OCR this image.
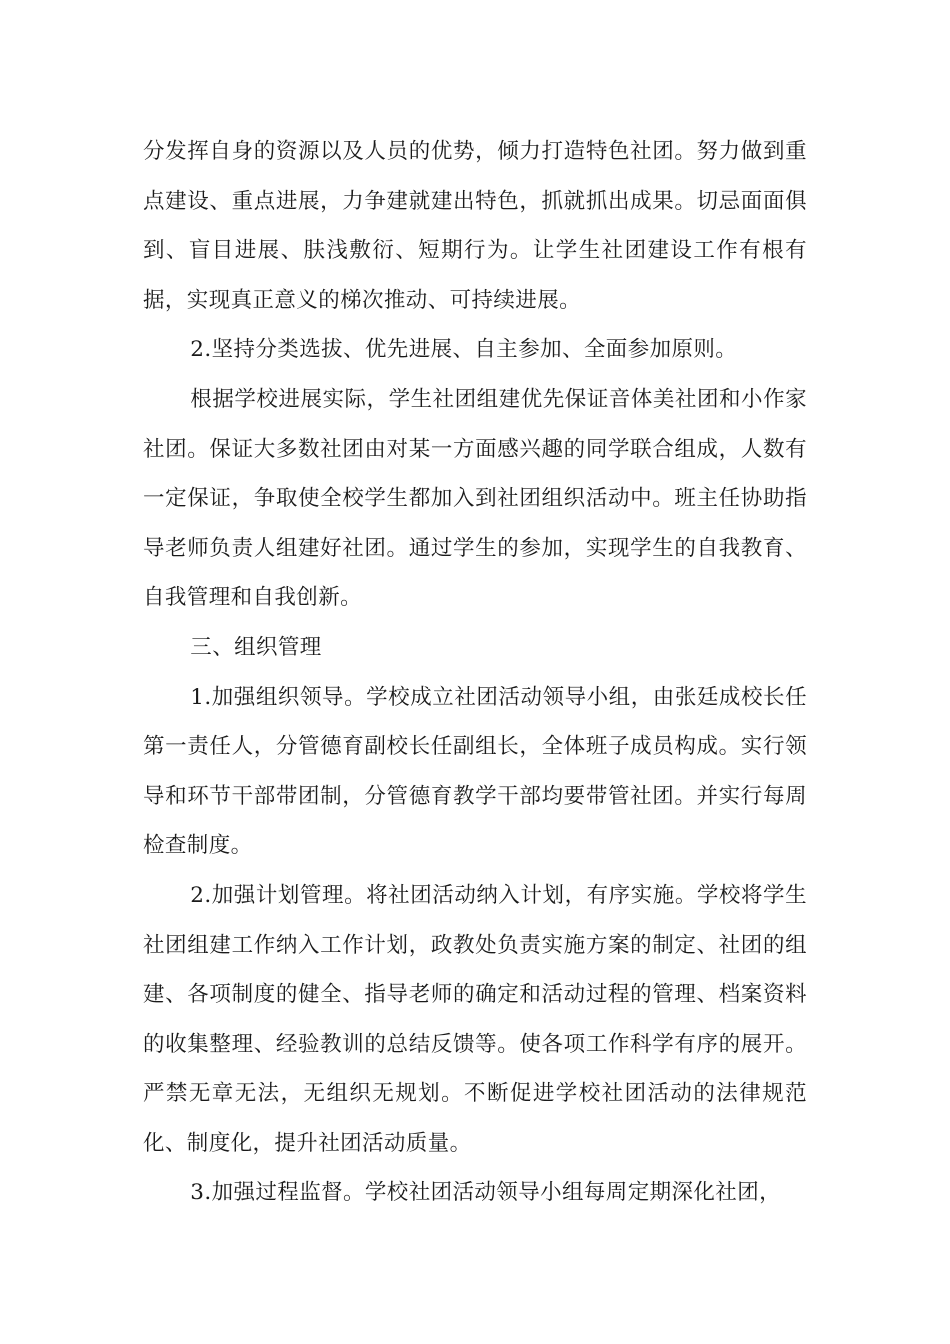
分发挥自身的资源以及人员的优势，倾力打造特色社团。努力做到重点建设、重点进展，力争建就建出特色，抓就抓出成果。切忌面面俱到、盲目进展、肤浅敷衍、短期行为。让学生社团建设工作有根有据，实现真正意义的梯次推动、可持续进展。

2.坚持分类选拔、优先进展、自主参加、全面参加原则。

根据学校进展实际，学生社团组建优先保证音体美社团和小作家社团。保证大多数社团由对某一方面感兴趣的同学联合组成，人数有一定保证，争取使全校学生都加入到社团组织活动中。班主任协助指导老师负责人组建好社团。通过学生的参加，实现学生的自我教育、自我管理和自我创新。

三、组织管理

1.加强组织领导。学校成立社团活动领导小组，由张廷成校长任第一责任人，分管德育副校长任副组长，全体班子成员构成。实行领导和环节干部带团制，分管德育教学干部均要带管社团。并实行每周检查制度。

2.加强计划管理。将社团活动纳入计划，有序实施。学校将学生社团组建工作纳入工作计划，政教处负责实施方案的制定、社团的组建、各项制度的健全、指导老师的确定和活动过程的管理、档案资料的收集整理、经验教训的总结反馈等。使各项工作科学有序的展开。严禁无章无法，无组织无规划。不断促进学校社团活动的法律规范化、制度化，提升社团活动质量。

3.加强过程监督。学校社团活动领导小组每周定期深化社团，
